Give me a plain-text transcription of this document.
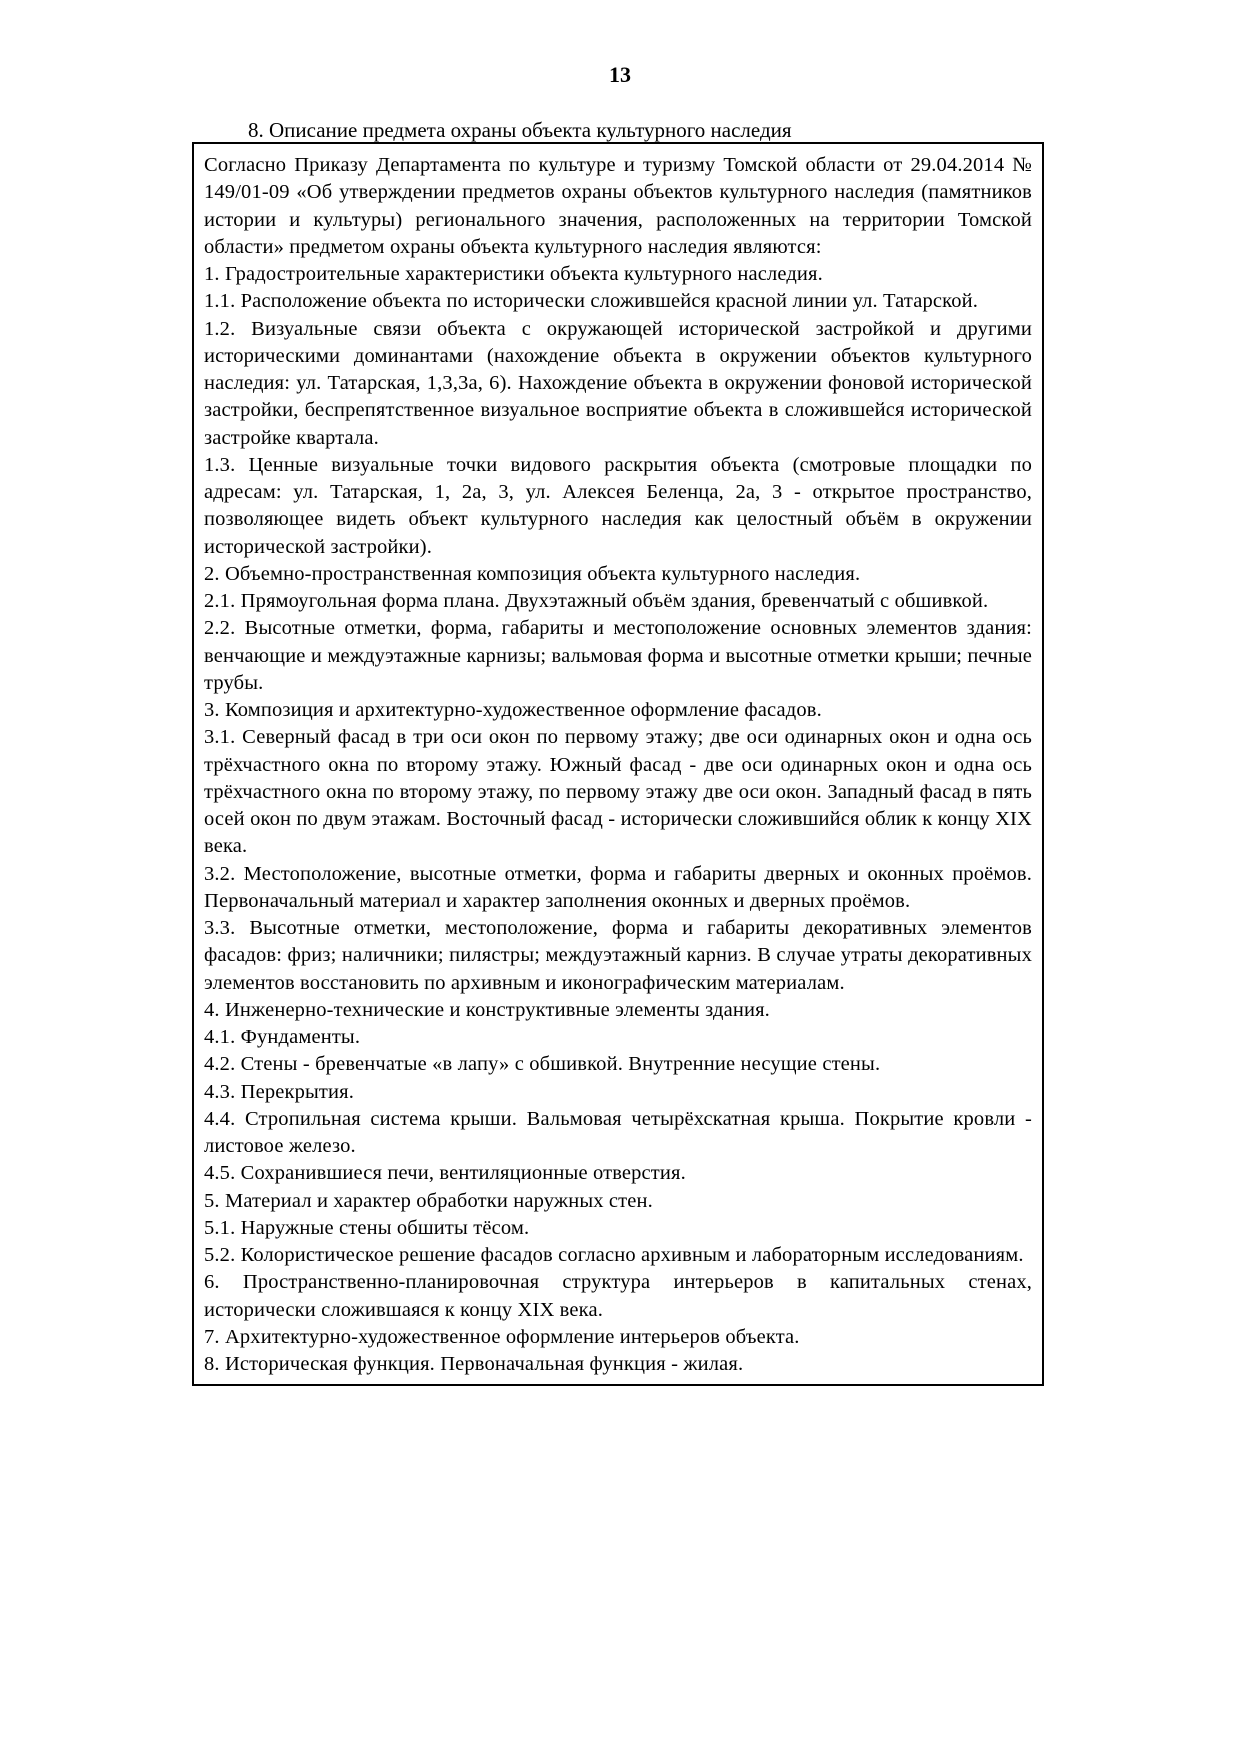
13
8. Описание предмета охраны объекта культурного наследия

Согласно Приказу Департамента по культуре и туризму Томской области от 29.04.2014 № 149/01-09 «Об утверждении предметов охраны объектов культурного наследия (памятников истории и культуры) регионального значения, расположенных на территории Томской области» предметом охраны объекта культурного наследия являются:

1. Градостроительные характеристики объекта культурного наследия.

1.1. Расположение объекта по исторически сложившейся красной линии ул. Татарской.

1.2. Визуальные связи объекта с окружающей исторической застройкой и другими историческими доминантами (нахождение объекта в окружении объектов культурного наследия: ул. Татарская, 1,3,3а, 6). Нахождение объекта в окружении фоновой исторической застройки, беспрепятственное визуальное восприятие объекта в сложившейся исторической застройке квартала.

1.3. Ценные визуальные точки видового раскрытия объекта (смотровые площадки по адресам: ул. Татарская, 1, 2а, 3, ул. Алексея Беленца, 2а, 3 - открытое пространство, позволяющее видеть объект культурного наследия как целостный объём в окружении исторической застройки).

2. Объемно-пространственная композиция объекта культурного наследия.

2.1. Прямоугольная форма плана. Двухэтажный объём здания, бревенчатый с обшивкой.

2.2. Высотные отметки, форма, габариты и местоположение основных элементов здания: венчающие и междуэтажные карнизы; вальмовая форма и высотные отметки крыши; печные трубы.

3. Композиция и архитектурно-художественное оформление фасадов.

3.1. Северный фасад в три оси окон по первому этажу; две оси одинарных окон и одна ось трёхчастного окна по второму этажу. Южный фасад - две оси одинарных окон и одна ось трёхчастного окна по второму этажу, по первому этажу две оси окон. Западный фасад в пять осей окон по двум этажам. Восточный фасад - исторически сложившийся облик к концу XIX века.

3.2. Местоположение, высотные отметки, форма и габариты дверных и оконных проёмов. Первоначальный материал и характер заполнения оконных и дверных проёмов.

3.3. Высотные отметки, местоположение, форма и габариты декоративных элементов фасадов: фриз; наличники; пилястры; междуэтажный карниз. В случае утраты декоративных элементов восстановить по архивным и иконографическим материалам.

4. Инженерно-технические и конструктивные элементы здания.

4.1. Фундаменты.

4.2. Стены - бревенчатые «в лапу» с обшивкой. Внутренние несущие стены.

4.3. Перекрытия.

4.4. Стропильная система крыши. Вальмовая четырёхскатная крыша. Покрытие кровли - листовое железо.

4.5. Сохранившиеся печи, вентиляционные отверстия.

5. Материал и характер обработки наружных стен.

5.1. Наружные стены обшиты тёсом.

5.2. Колористическое решение фасадов согласно архивным и лабораторным исследованиям.

6. Пространственно-планировочная структура интерьеров в капитальных стенах, исторически сложившаяся к концу XIX века.

7. Архитектурно-художественное оформление интерьеров объекта.

8. Историческая функция. Первоначальная функция - жилая.
